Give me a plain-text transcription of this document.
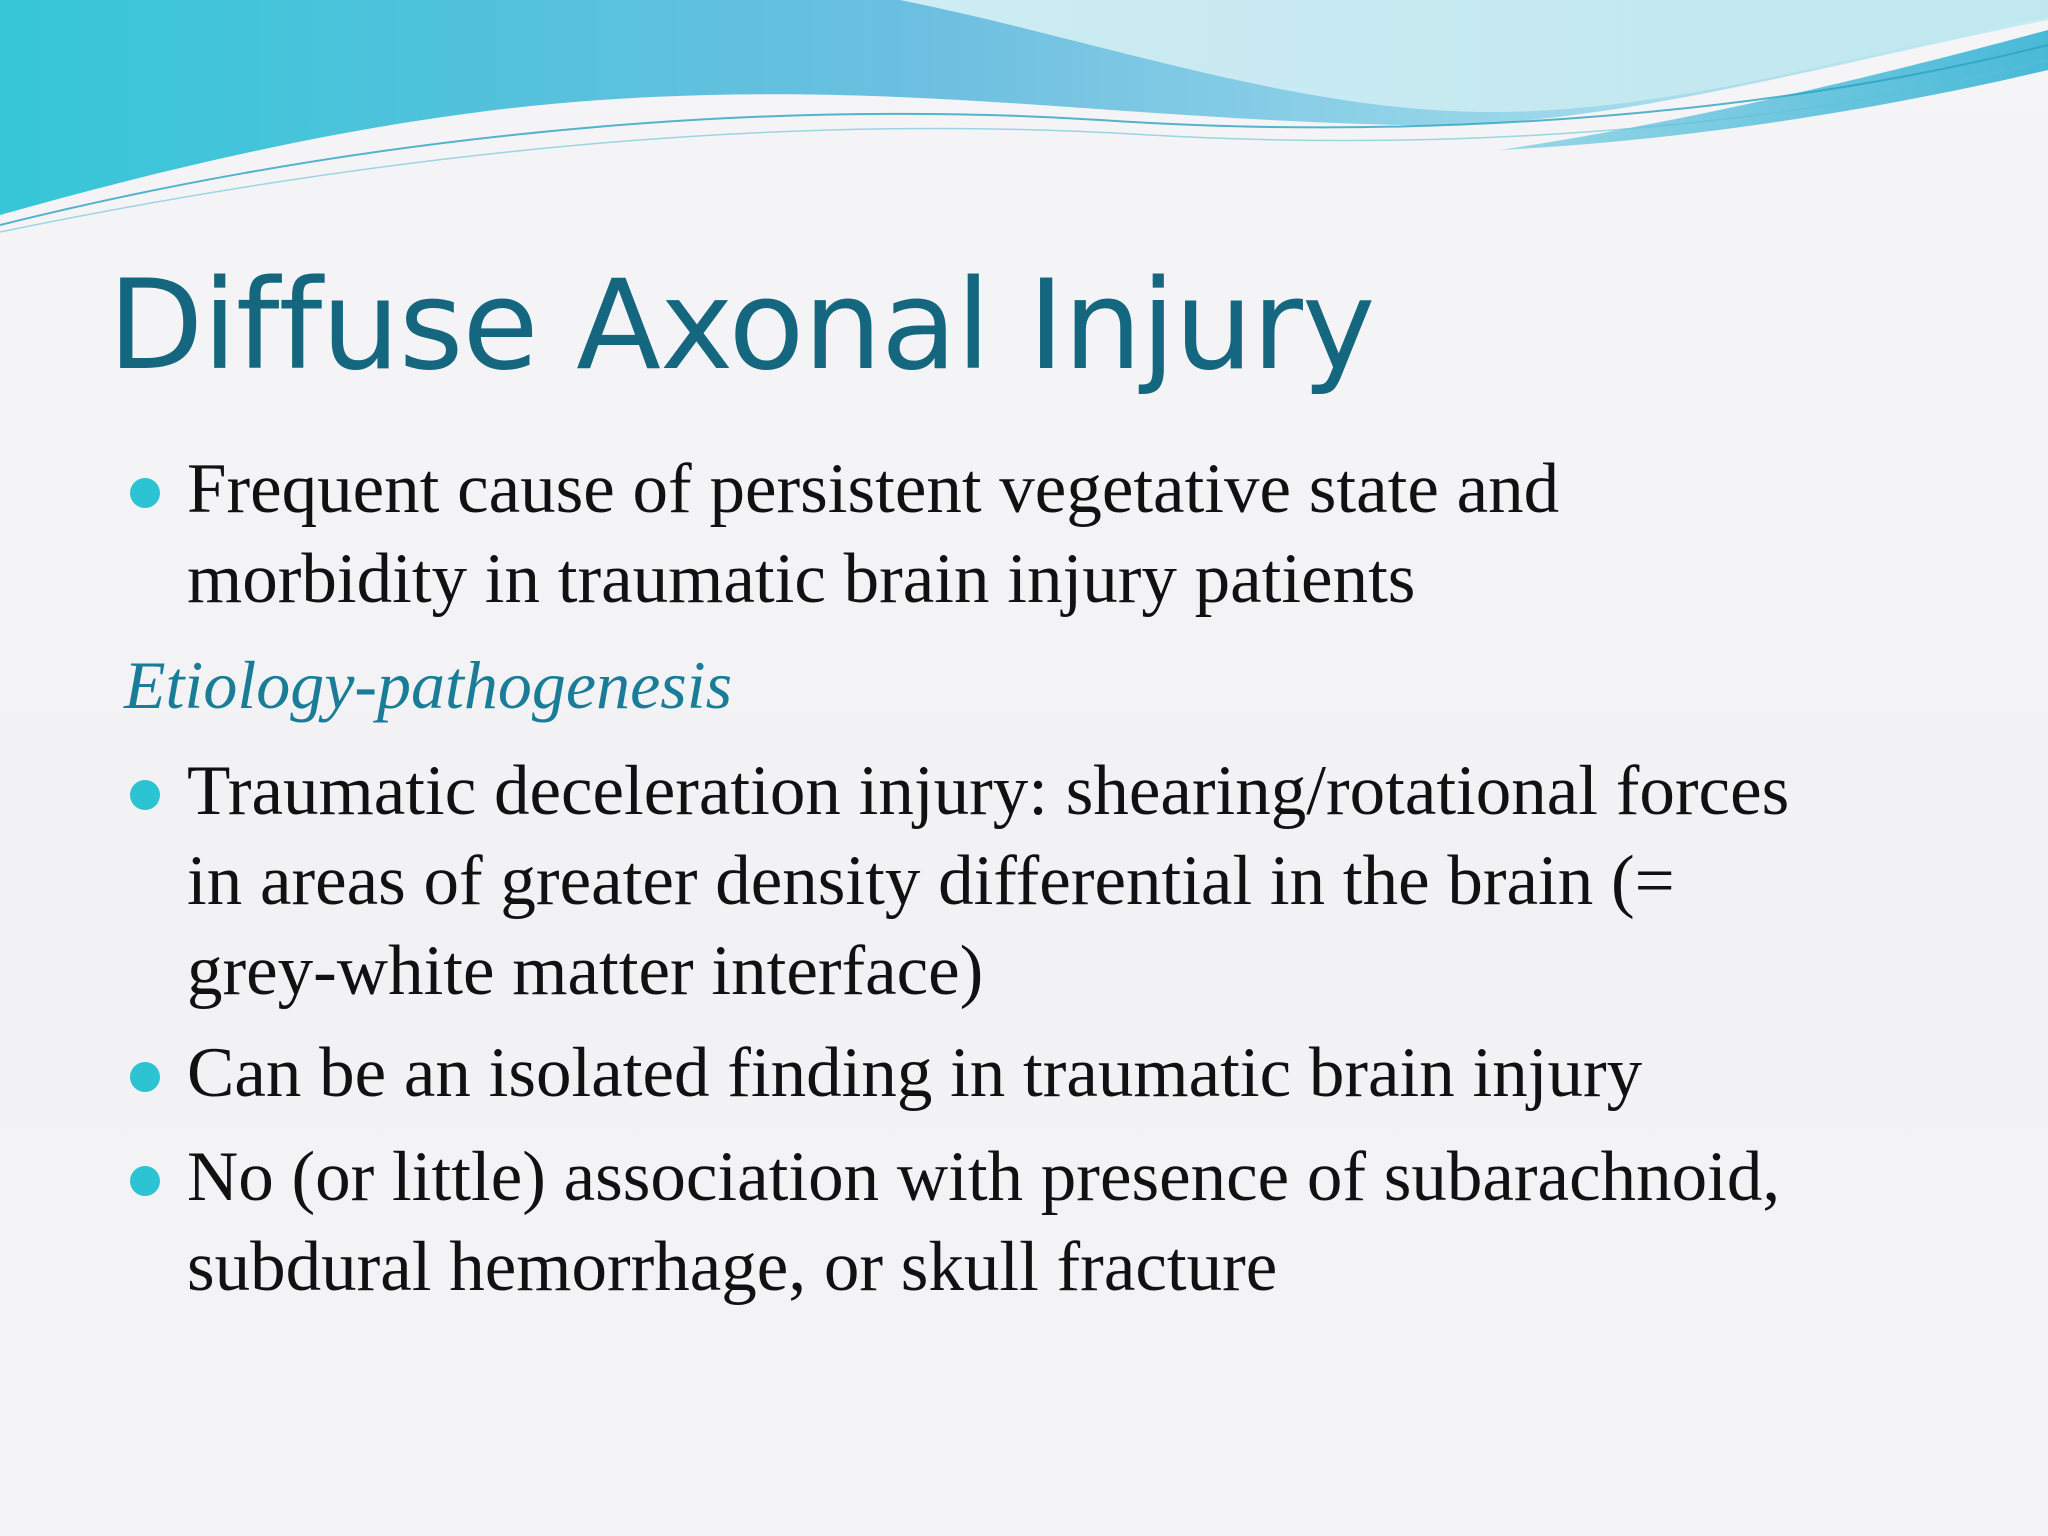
Diffuse Axonal Injury

Frequent cause of persistent vegetative state and morbidity in traumatic brain injury patients

Etiology-pathogenesis

Traumatic deceleration injury: shearing/rotational forces in areas of greater density differential in the brain (= grey-white matter interface)

Can be an isolated finding in traumatic brain injury

No (or little) association with presence of subarachnoid, subdural hemorrhage, or skull fracture
